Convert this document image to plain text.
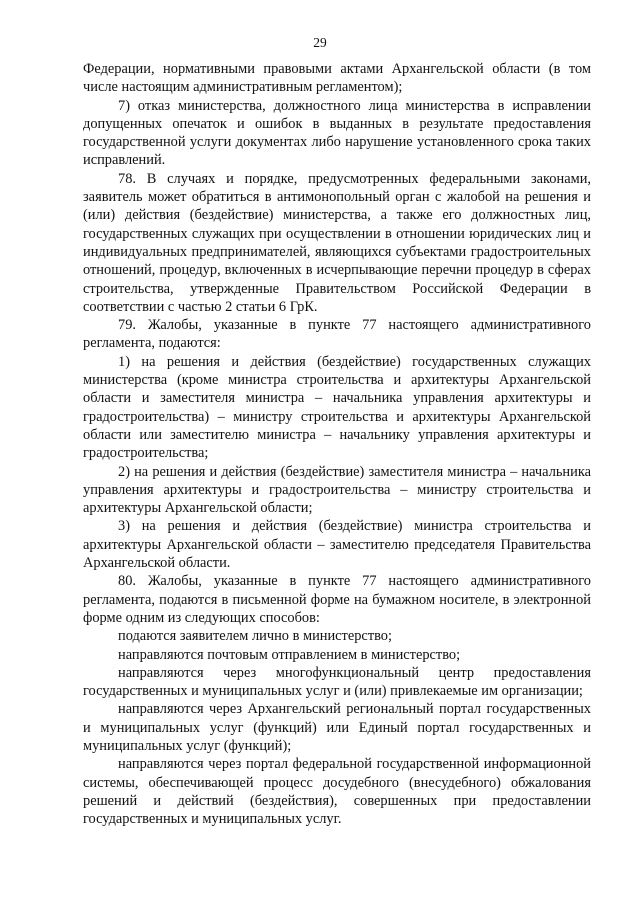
29

Федерации, нормативными правовыми актами Архангельской области (в том числе настоящим административным регламентом);

7) отказ министерства, должностного лица министерства в исправлении допущенных опечаток и ошибок в выданных в результате предоставления государственной услуги документах либо нарушение установленного срока таких исправлений.

78. В случаях и порядке, предусмотренных федеральными законами, заявитель может обратиться в антимонопольный орган с жалобой на решения и (или) действия (бездействие) министерства, а также его должностных лиц, государственных служащих при осуществлении в отношении юридических лиц и индивидуальных предпринимателей, являющихся субъектами градостроительных отношений, процедур, включенных в исчерпывающие перечни процедур в сферах строительства, утвержденные Правительством Российской Федерации в соответствии с частью 2 статьи 6 ГрК.

79. Жалобы, указанные в пункте 77 настоящего административного регламента, подаются:

1) на решения и действия (бездействие) государственных служащих министерства (кроме министра строительства и архитектуры Архангельской области и заместителя министра – начальника управления архитектуры и градостроительства) – министру строительства и архитектуры Архангельской области или заместителю министра – начальнику управления архитектуры и градостроительства;

2) на решения и действия (бездействие) заместителя министра – начальника управления архитектуры и градостроительства – министру строительства и архитектуры Архангельской области;

3) на решения и действия (бездействие) министра строительства и архитектуры Архангельской области – заместителю председателя Правительства Архангельской области.

80. Жалобы, указанные в пункте 77 настоящего административного регламента, подаются в письменной форме на бумажном носителе, в электронной форме одним из следующих способов:

подаются заявителем лично в министерство;

направляются почтовым отправлением в министерство;

направляются через многофункциональный центр предоставления государственных и муниципальных услуг и (или) привлекаемые им организации;

направляются через Архангельский региональный портал государственных и муниципальных услуг (функций) или Единый портал государственных и муниципальных услуг (функций);

направляются через портал федеральной государственной информационной системы, обеспечивающей процесс досудебного (внесудебного) обжалования решений и действий (бездействия), совершенных при предоставлении государственных и муниципальных услуг.
